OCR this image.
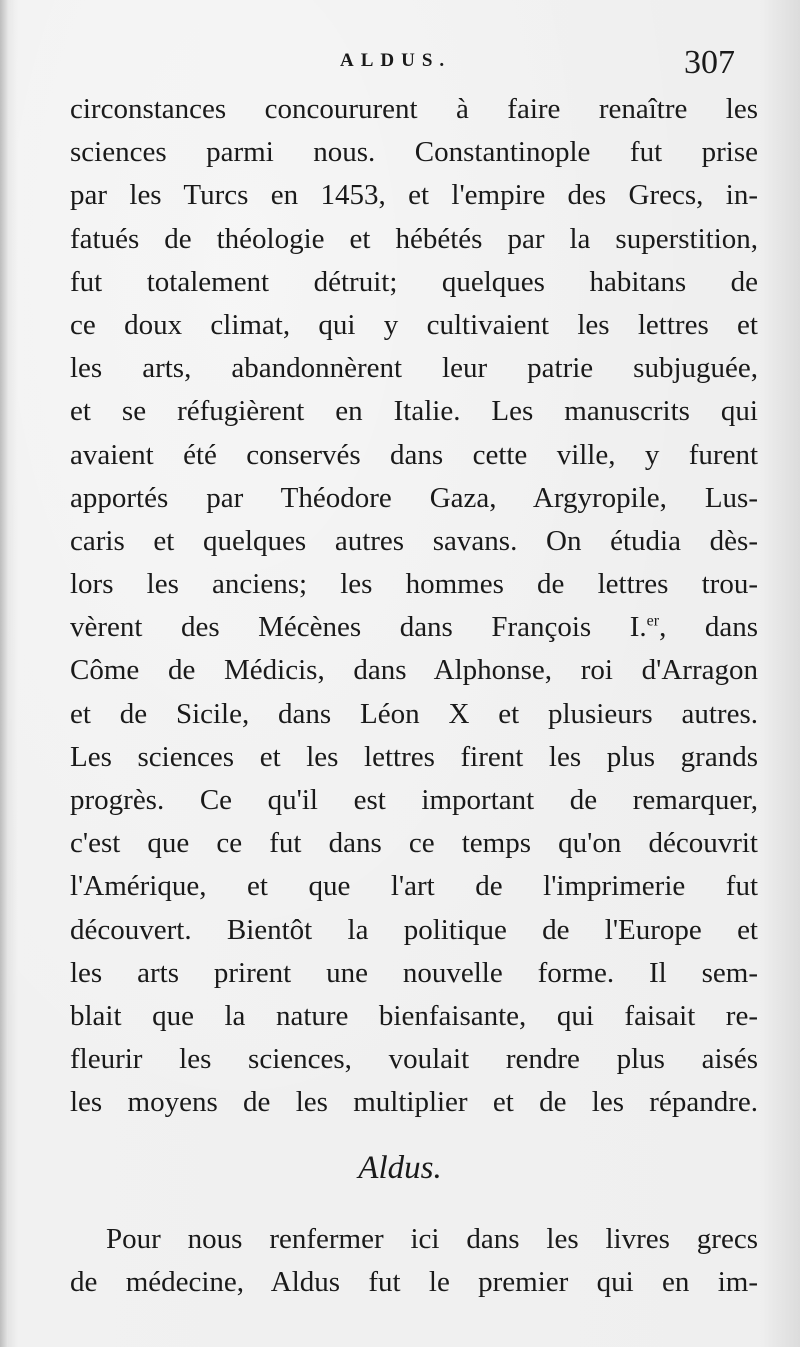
ALDUS.	307
circonstances concoururent à faire renaître les
sciences parmi nous. Constantinople fut prise
par les Turcs en 1453, et l'empire des Grecs, in-
fatués de théologie et hébétés par la superstition,
fut totalement détruit; quelques habitans de
ce doux climat, qui y cultivaient les lettres et
les arts, abandonnèrent leur patrie subjuguée,
et se réfugièrent en Italie. Les manuscrits qui
avaient été conservés dans cette ville, y furent
apportés par Théodore Gaza, Argyropile, Lus-
caris et quelques autres savans. On étudia dès-
lors les anciens; les hommes de lettres trou-
vèrent des Mécènes dans François I.$^{er}$, dans
Côme de Médicis, dans Alphonse, roi d'Arragon
et de Sicile, dans Léon X et plusieurs autres.
Les sciences et les lettres firent les plus grands
progrès. Ce qu'il est important de remarquer,
c'est que ce fut dans ce temps qu'on découvrit
l'Amérique, et que l'art de l'imprimerie fut
découvert. Bientôt la politique de l'Europe et
les arts prirent une nouvelle forme. Il sem-
blait que la nature bienfaisante, qui faisait re-
fleurir les sciences, voulait rendre plus aisés
les moyens de les multiplier et de les répandre.
Aldus.
Pour nous renfermer ici dans les livres grecs
de médecine, Aldus fut le premier qui en im-
